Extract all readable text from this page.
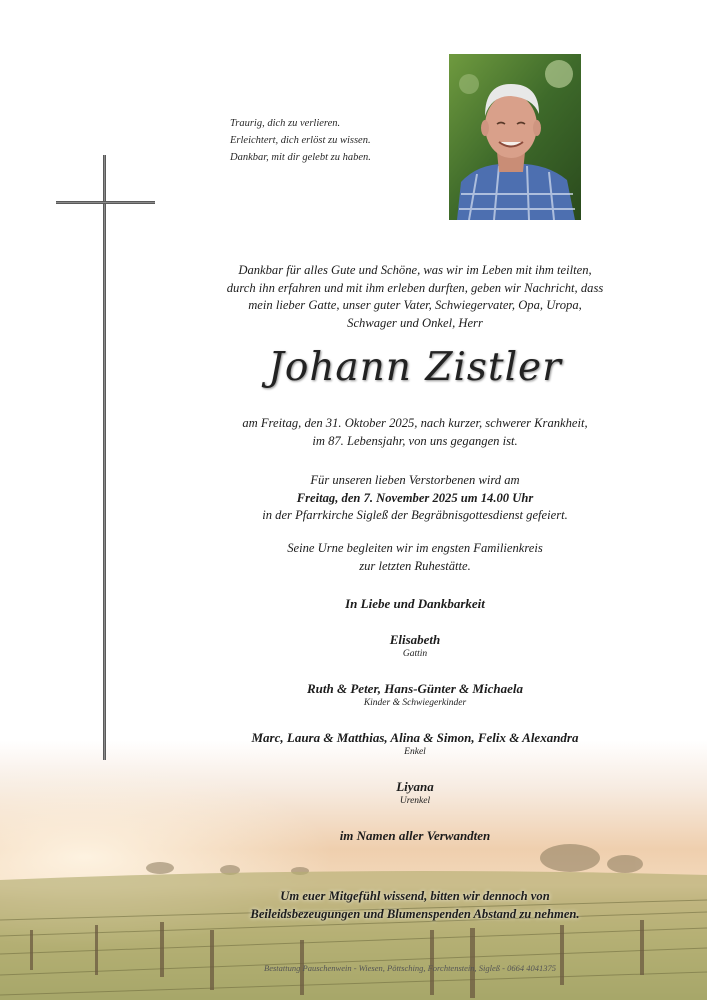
Traurig, dich zu verlieren.
Erleichtert, dich erlöst zu wissen.
Dankbar, mit dir gelebt zu haben.
Dankbar für alles Gute und Schöne, was wir im Leben mit ihm teilten,
durch ihn erfahren und mit ihm erleben durften, geben wir Nachricht, dass
mein lieber Gatte, unser guter Vater, Schwiegervater, Opa, Uropa,
Schwager und Onkel, Herr
Johann Zistler
am Freitag, den 31. Oktober 2025, nach kurzer, schwerer Krankheit,
im 87. Lebensjahr, von uns gegangen ist.
Für unseren lieben Verstorbenen wird am
Freitag, den 7. November 2025 um 14.00 Uhr
in der Pfarrkirche Sigleß der Begräbnisgottesdienst gefeiert.
Seine Urne begleiten wir im engsten Familienkreis
zur letzten Ruhestätte.
In Liebe und Dankbarkeit
Elisabeth
Gattin
Ruth & Peter, Hans-Günter & Michaela
Kinder & Schwiegerkinder
Marc, Laura & Matthias, Alina & Simon, Felix & Alexandra
Enkel
Liyana
Urenkel
im Namen aller Verwandten
Um euer Mitgefühl wissend, bitten wir dennoch von
Beileidsbezeugungen und Blumenspenden Abstand zu nehmen.
Bestattung Pauschenwein - Wiesen, Pöttsching, Forchtenstein, Sigleß - 0664 4041375
